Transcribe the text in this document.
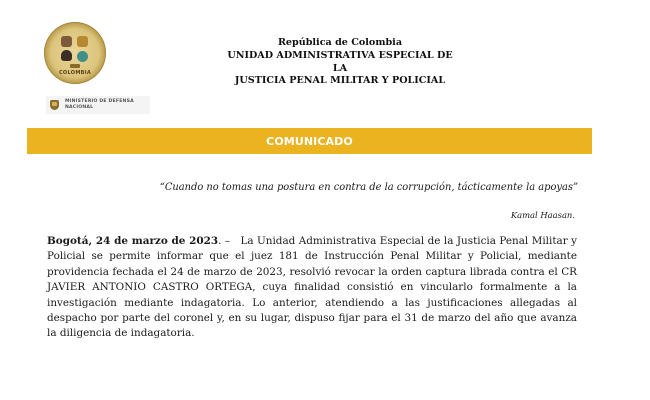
COLOMBIA
República de Colombia
UNIDAD ADMINISTRATIVA ESPECIAL DE LA
JUSTICIA PENAL MILITAR Y POLICIAL
MINISTERIO DE DEFENSA
NACIONAL
COMUNICADO
“Cuando no tomas una postura en contra de la corrupción, tácticamente la apoyas”
Kamal Haasan.
Bogotá, 24 de marzo de 2023. – La Unidad Administrativa Especial de la Justicia Penal Militar y Policial se permite informar que el juez 181 de Instrucción Penal Militar y Policial, mediante providencia fechada el 24 de marzo de 2023, resolvió revocar la orden captura librada contra el CR JAVIER ANTONIO CASTRO ORTEGA, cuya finalidad consistió en vincularlo formalmente a la investigación mediante indagatoria. Lo anterior, atendiendo a las justificaciones allegadas al despacho por parte del coronel y, en su lugar, dispuso fijar para el 31 de marzo del año que avanza la diligencia de indagatoria.
